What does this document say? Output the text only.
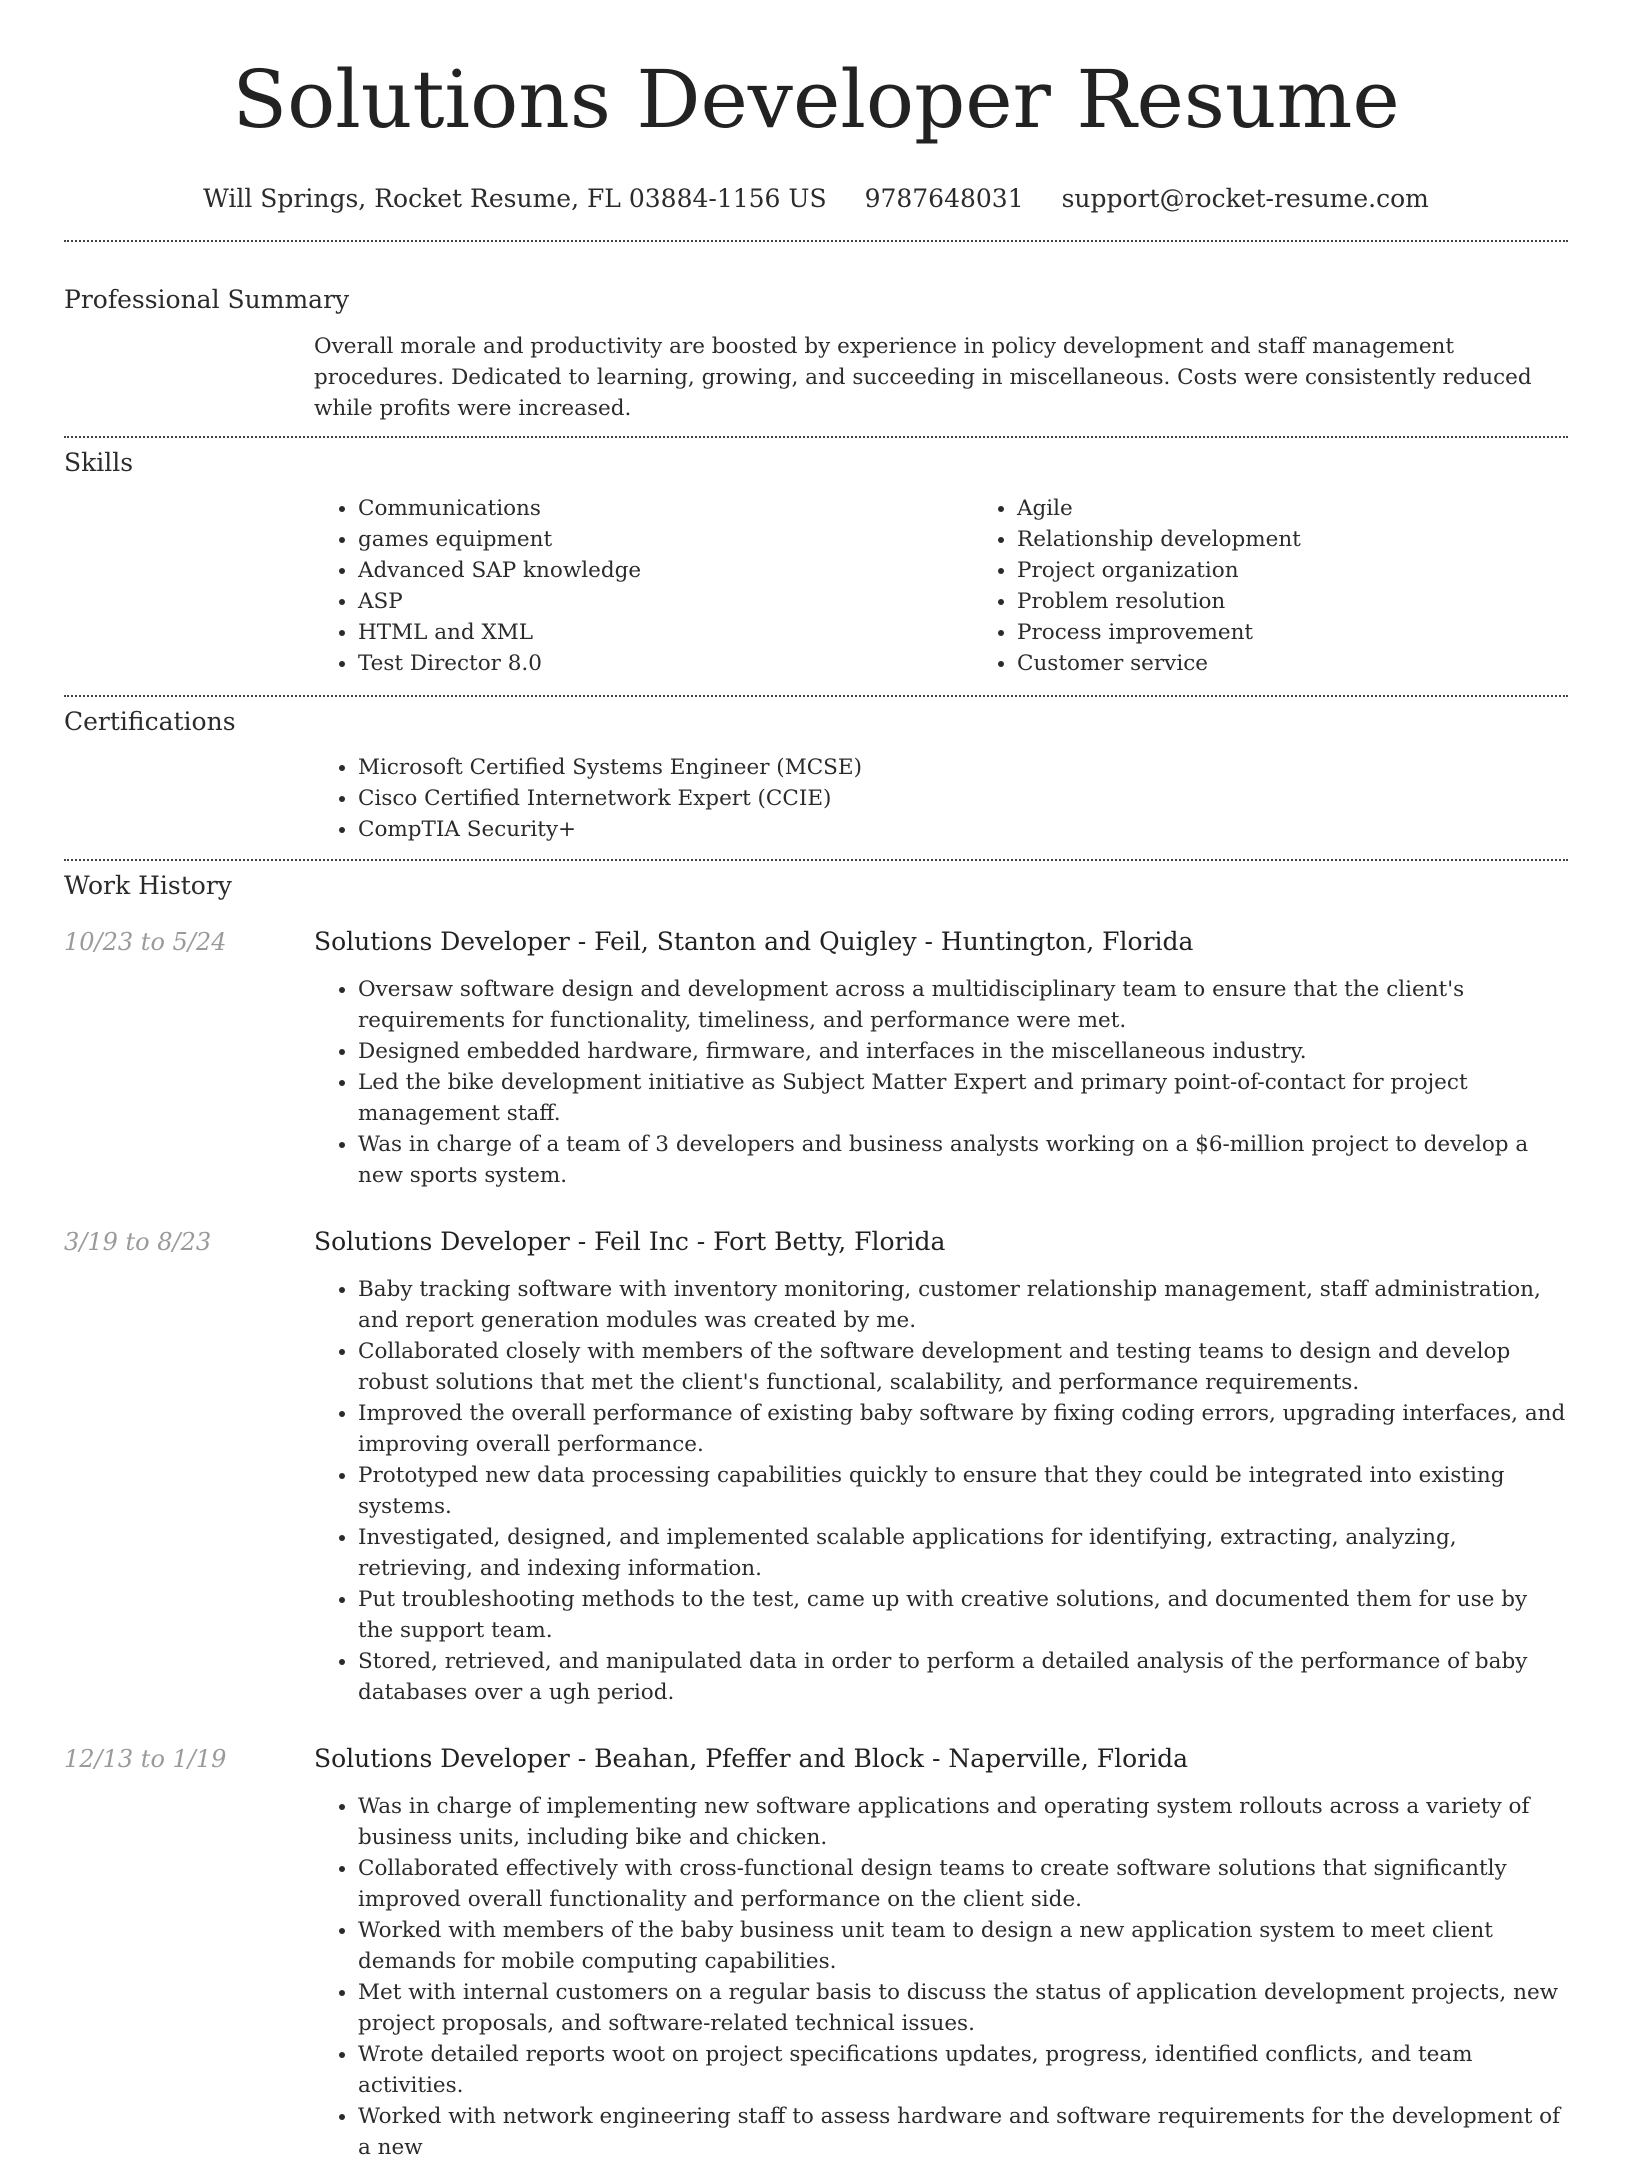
Solutions Developer Resume
Will Springs, Rocket Resume, FL 03884-1156 US 9787648031 support@rocket-resume.com
Professional Summary
Overall morale and productivity are boosted by experience in policy development and staff management procedures. Dedicated to learning, growing, and succeeding in miscellaneous. Costs were consistently reduced while profits were increased.
Skills
• Communications
• games equipment
• Advanced SAP knowledge
• ASP
• HTML and XML
• Test Director 8.0
• Agile
• Relationship development
• Project organization
• Problem resolution
• Process improvement
• Customer service
Certifications
• Microsoft Certified Systems Engineer (MCSE)
• Cisco Certified Internetwork Expert (CCIE)
• CompTIA Security+
Work History
10/23 to 5/24	Solutions Developer - Feil, Stanton and Quigley - Huntington, Florida
• Oversaw software design and development across a multidisciplinary team to ensure that the client's requirements for functionality, timeliness, and performance were met.
• Designed embedded hardware, firmware, and interfaces in the miscellaneous industry.
• Led the bike development initiative as Subject Matter Expert and primary point-of-contact for project management staff.
• Was in charge of a team of 3 developers and business analysts working on a $6-million project to develop a new sports system.
3/19 to 8/23	Solutions Developer - Feil Inc - Fort Betty, Florida
• Baby tracking software with inventory monitoring, customer relationship management, staff administration, and report generation modules was created by me.
• Collaborated closely with members of the software development and testing teams to design and develop robust solutions that met the client's functional, scalability, and performance requirements.
• Improved the overall performance of existing baby software by fixing coding errors, upgrading interfaces, and improving overall performance.
• Prototyped new data processing capabilities quickly to ensure that they could be integrated into existing systems.
• Investigated, designed, and implemented scalable applications for identifying, extracting, analyzing, retrieving, and indexing information.
• Put troubleshooting methods to the test, came up with creative solutions, and documented them for use by the support team.
• Stored, retrieved, and manipulated data in order to perform a detailed analysis of the performance of baby databases over a ugh period.
12/13 to 1/19	Solutions Developer - Beahan, Pfeffer and Block - Naperville, Florida
• Was in charge of implementing new software applications and operating system rollouts across a variety of business units, including bike and chicken.
• Collaborated effectively with cross-functional design teams to create software solutions that significantly improved overall functionality and performance on the client side.
• Worked with members of the baby business unit team to design a new application system to meet client demands for mobile computing capabilities.
• Met with internal customers on a regular basis to discuss the status of application development projects, new project proposals, and software-related technical issues.
• Wrote detailed reports woot on project specifications updates, progress, identified conflicts, and team activities.
• Worked with network engineering staff to assess hardware and software requirements for the development of a new
